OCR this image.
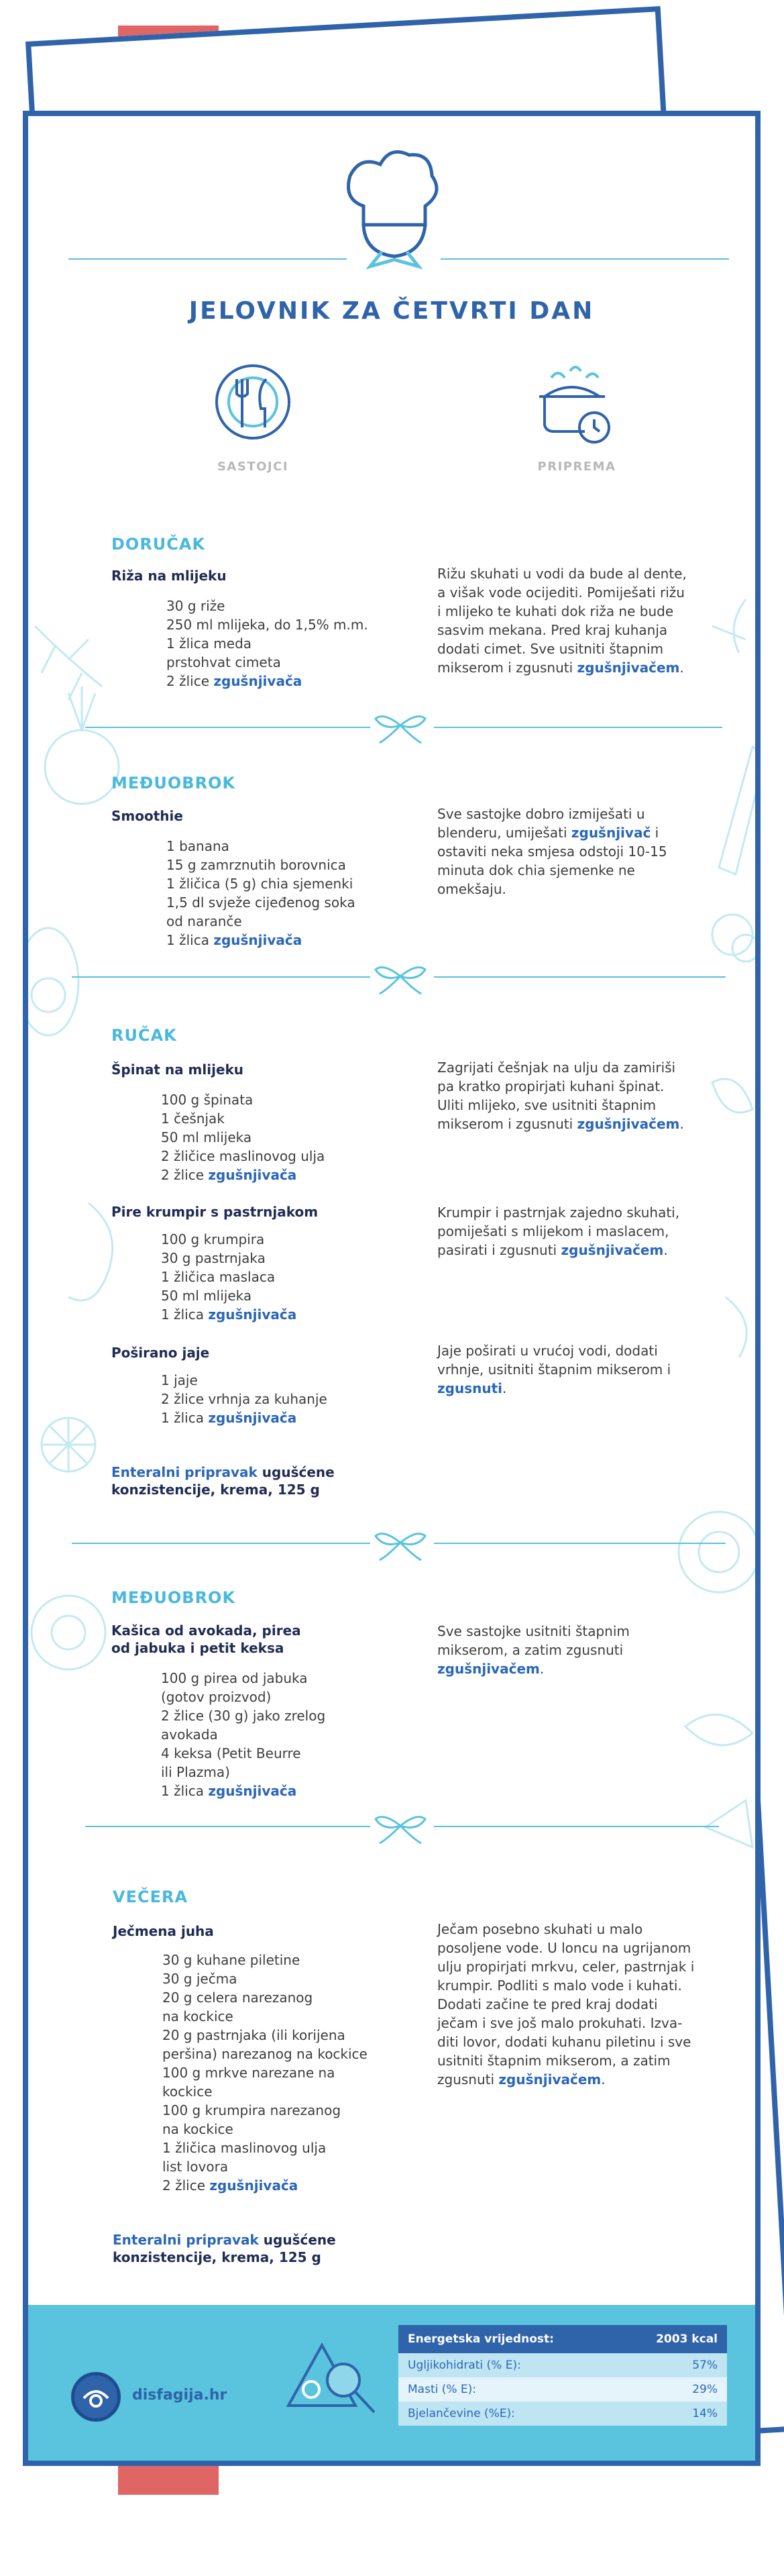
JELOVNIK ZA ČETVRTI DAN
SASTOJCI	PRIPREMA
DORUČAK
Riža na mlijeku
30 g riže
250 ml mlijeka, do 1,5% m.m.
1 žlica meda
prstohvat cimeta
2 žlice zgušnjivača
Rižu skuhati u vodi da bude al dente,
a višak vode ocijediti. Pomiješati rižu
i mlijeko te kuhati dok riža ne bude
sasvim mekana. Pred kraj kuhanja
dodati cimet. Sve usitniti štapnim
mikserom i zgusnuti zgušnjivačem.
MEĐUOBROK
Smoothie
1 banana
15 g zamrznutih borovnica
1 žličica (5 g) chia sjemenki
1,5 dl svježe cijeđenog soka
od naranče
1 žlica zgušnjivača
Sve sastojke dobro izmiješati u
blenderu, umiješati zgušnjivač i
ostaviti neka smjesa odstoji 10-15
minuta dok chia sjemenke ne
omekšaju.
RUČAK
Špinat na mlijeku
100 g špinata
1 češnjak
50 ml mlijeka
2 žličice maslinovog ulja
2 žlice zgušnjivača
Zagrijati češnjak na ulju da zamiriši
pa kratko propirjati kuhani špinat.
Uliti mlijeko, sve usitniti štapnim
mikserom i zgusnuti zgušnjivačem.
Pire krumpir s pastrnjakom
100 g krumpira
30 g pastrnjaka
1 žličica maslaca
50 ml mlijeka
1 žlica zgušnjivača
Krumpir i pastrnjak zajedno skuhati,
pomiješati s mlijekom i maslacem,
pasirati i zgusnuti zgušnjivačem.
Poširano jaje
1 jaje
2 žlice vrhnja za kuhanje
1 žlica zgušnjivača
Jaje poširati u vrućoj vodi, dodati
vrhnje, usitniti štapnim mikserom i
zgusnuti.
Enteralni pripravak ugušćene
konzistencije, krema, 125 g
MEĐUOBROK
Kašica od avokada, pirea
od jabuka i petit keksa
100 g pirea od jabuka
(gotov proizvod)
2 žlice (30 g) jako zrelog
avokada
4 keksa (Petit Beurre
ili Plazma)
1 žlica zgušnjivača
Sve sastojke usitniti štapnim
mikserom, a zatim zgusnuti
zgušnjivačem.
VEČERA
Ječmena juha
30 g kuhane piletine
30 g ječma
20 g celera narezanog
na kockice
20 g pastrnjaka (ili korijena
peršina) narezanog na kockice
100 g mrkve narezane na
kockice
100 g krumpira narezanog
na kockice
1 žličica maslinovog ulja
list lovora
2 žlice zgušnjivača
Ječam posebno skuhati u malo
posoljene vode. U loncu na ugrijanom
ulju propirjati mrkvu, celer, pastrnjak i
krumpir. Podliti s malo vode i kuhati.
Dodati začine te pred kraj dodati
ječam i sve još malo prokuhati. Izva-
diti lovor, dodati kuhanu piletinu i sve
usitniti štapnim mikserom, a zatim
zgusnuti zgušnjivačem.
Enteralni pripravak ugušćene
konzistencije, krema, 125 g
disfagija.hr
Energetska vrijednost:	2003 kcal
Ugljikohidrati (% E):	57%
Masti (% E):	29%
Bjelančevine (%E):	14%
